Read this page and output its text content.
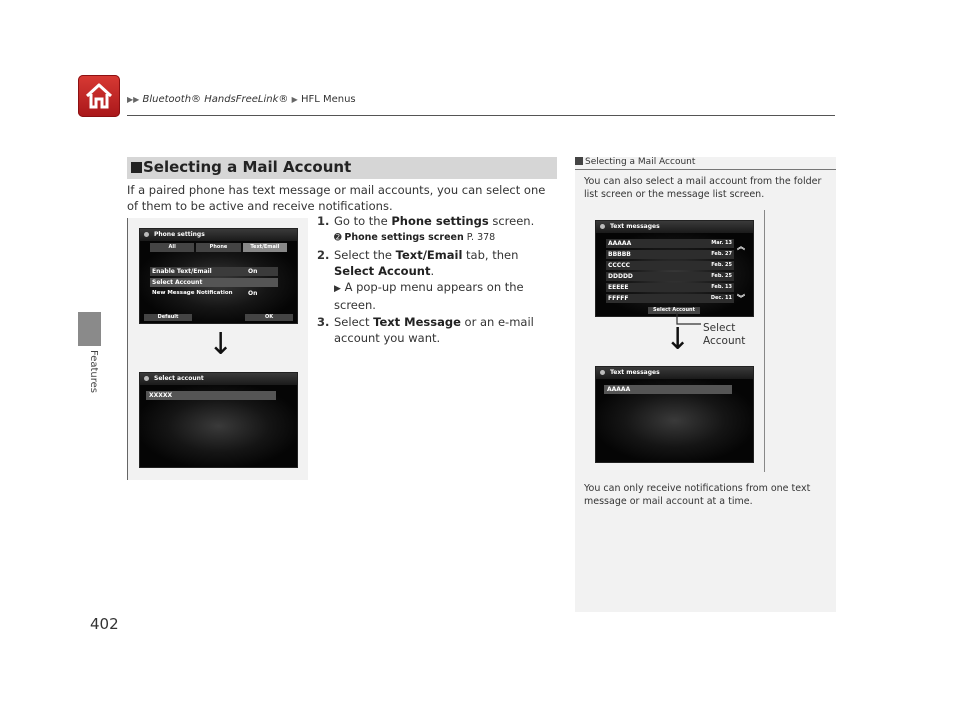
▶▶ Bluetooth® HandsFreeLink® ▶ HFL Menus
Features
402
Selecting a Mail Account
If a paired phone has text message or mail accounts, you can select one of them to be active and receive notifications.
Phone settings
All	Phone	Text/Email
Enable Text/Email	On
Select Account
New Message Notification	On
Default	OK
↓
Select account
XXXXX
1. Go to the Phone settings screen.
➋ Phone settings screen P. 378
2. Select the Text/Email tab, then Select Account.
▶ A pop-up menu appears on the screen.
3. Select Text Message or an e-mail account you want.
Selecting a Mail Account
You can also select a mail account from the folder list screen or the message list screen.
Text messages
AAAAA	Mar. 13
BBBBB	Feb. 27
CCCCC	Feb. 25
DDDDD	Feb. 25
EEEEE	Feb. 13
FFFFF	Dec. 11
︽
︾
Select Account
↓
Text messages
AAAAA
Select Account
You can only receive notifications from one text message or mail account at a time.
